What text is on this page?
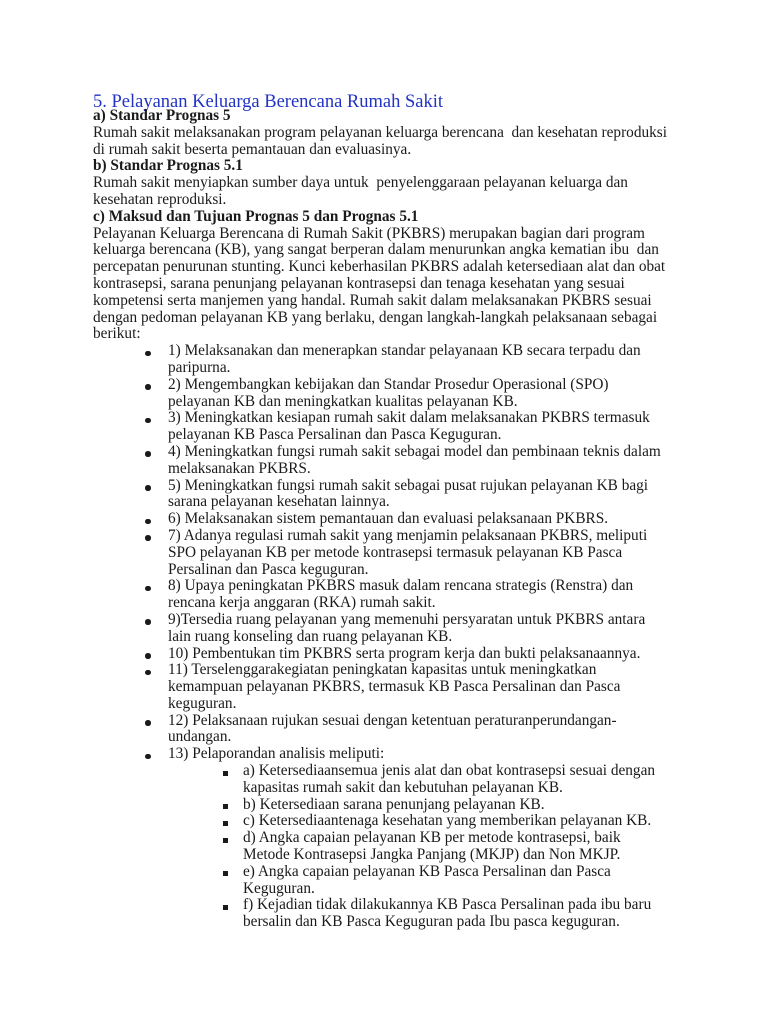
5. Pelayanan Keluarga Berencana Rumah Sakit
a) Standar Prognas 5
Rumah sakit melaksanakan program pelayanan keluarga berencana  dan kesehatan reproduksi
di rumah sakit beserta pemantauan dan evaluasinya.
b) Standar Prognas 5.1
Rumah sakit menyiapkan sumber daya untuk  penyelenggaraan pelayanan keluarga dan
kesehatan reproduksi.
c) Maksud dan Tujuan Prognas 5 dan Prognas 5.1
Pelayanan Keluarga Berencana di Rumah Sakit (PKBRS) merupakan bagian dari program
keluarga berencana (KB), yang sangat berperan dalam menurunkan angka kematian ibu  dan
percepatan penurunan stunting. Kunci keberhasilan PKBRS adalah ketersediaan alat dan obat
kontrasepsi, sarana penunjang pelayanan kontrasepsi dan tenaga kesehatan yang sesuai
kompetensi serta manjemen yang handal. Rumah sakit dalam melaksanakan PKBRS sesuai
dengan pedoman pelayanan KB yang berlaku, dengan langkah-langkah pelaksanaan sebagai
berikut:
1) Melaksanakan dan menerapkan standar pelayanaan KB secara terpadu dan
paripurna.
2) Mengembangkan kebijakan dan Standar Prosedur Operasional (SPO)
pelayanan KB dan meningkatkan kualitas pelayanan KB.
3) Meningkatkan kesiapan rumah sakit dalam melaksanakan PKBRS termasuk
pelayanan KB Pasca Persalinan dan Pasca Keguguran.
4) Meningkatkan fungsi rumah sakit sebagai model dan pembinaan teknis dalam
melaksanakan PKBRS.
5) Meningkatkan fungsi rumah sakit sebagai pusat rujukan pelayanan KB bagi
sarana pelayanan kesehatan lainnya.
6) Melaksanakan sistem pemantauan dan evaluasi pelaksanaan PKBRS.
7) Adanya regulasi rumah sakit yang menjamin pelaksanaan PKBRS, meliputi
SPO pelayanan KB per metode kontrasepsi termasuk pelayanan KB Pasca
Persalinan dan Pasca keguguran.
8) Upaya peningkatan PKBRS masuk dalam rencana strategis (Renstra) dan
rencana kerja anggaran (RKA) rumah sakit.
9)Tersedia ruang pelayanan yang memenuhi persyaratan untuk PKBRS antara
lain ruang konseling dan ruang pelayanan KB.
10) Pembentukan tim PKBRS serta program kerja dan bukti pelaksanaannya.
11) Terselenggarakegiatan peningkatan kapasitas untuk meningkatkan
kemampuan pelayanan PKBRS, termasuk KB Pasca Persalinan dan Pasca
keguguran.
12) Pelaksanaan rujukan sesuai dengan ketentuan peraturanperundangan-
undangan.
13) Pelaporandan analisis meliputi:
a) Ketersediaansemua jenis alat dan obat kontrasepsi sesuai dengan
kapasitas rumah sakit dan kebutuhan pelayanan KB.
b) Ketersediaan sarana penunjang pelayanan KB.
c) Ketersediaantenaga kesehatan yang memberikan pelayanan KB.
d) Angka capaian pelayanan KB per metode kontrasepsi, baik
Metode Kontrasepsi Jangka Panjang (MKJP) dan Non MKJP.
e) Angka capaian pelayanan KB Pasca Persalinan dan Pasca
Keguguran.
f) Kejadian tidak dilakukannya KB Pasca Persalinan pada ibu baru
bersalin dan KB Pasca Keguguran pada Ibu pasca keguguran.
